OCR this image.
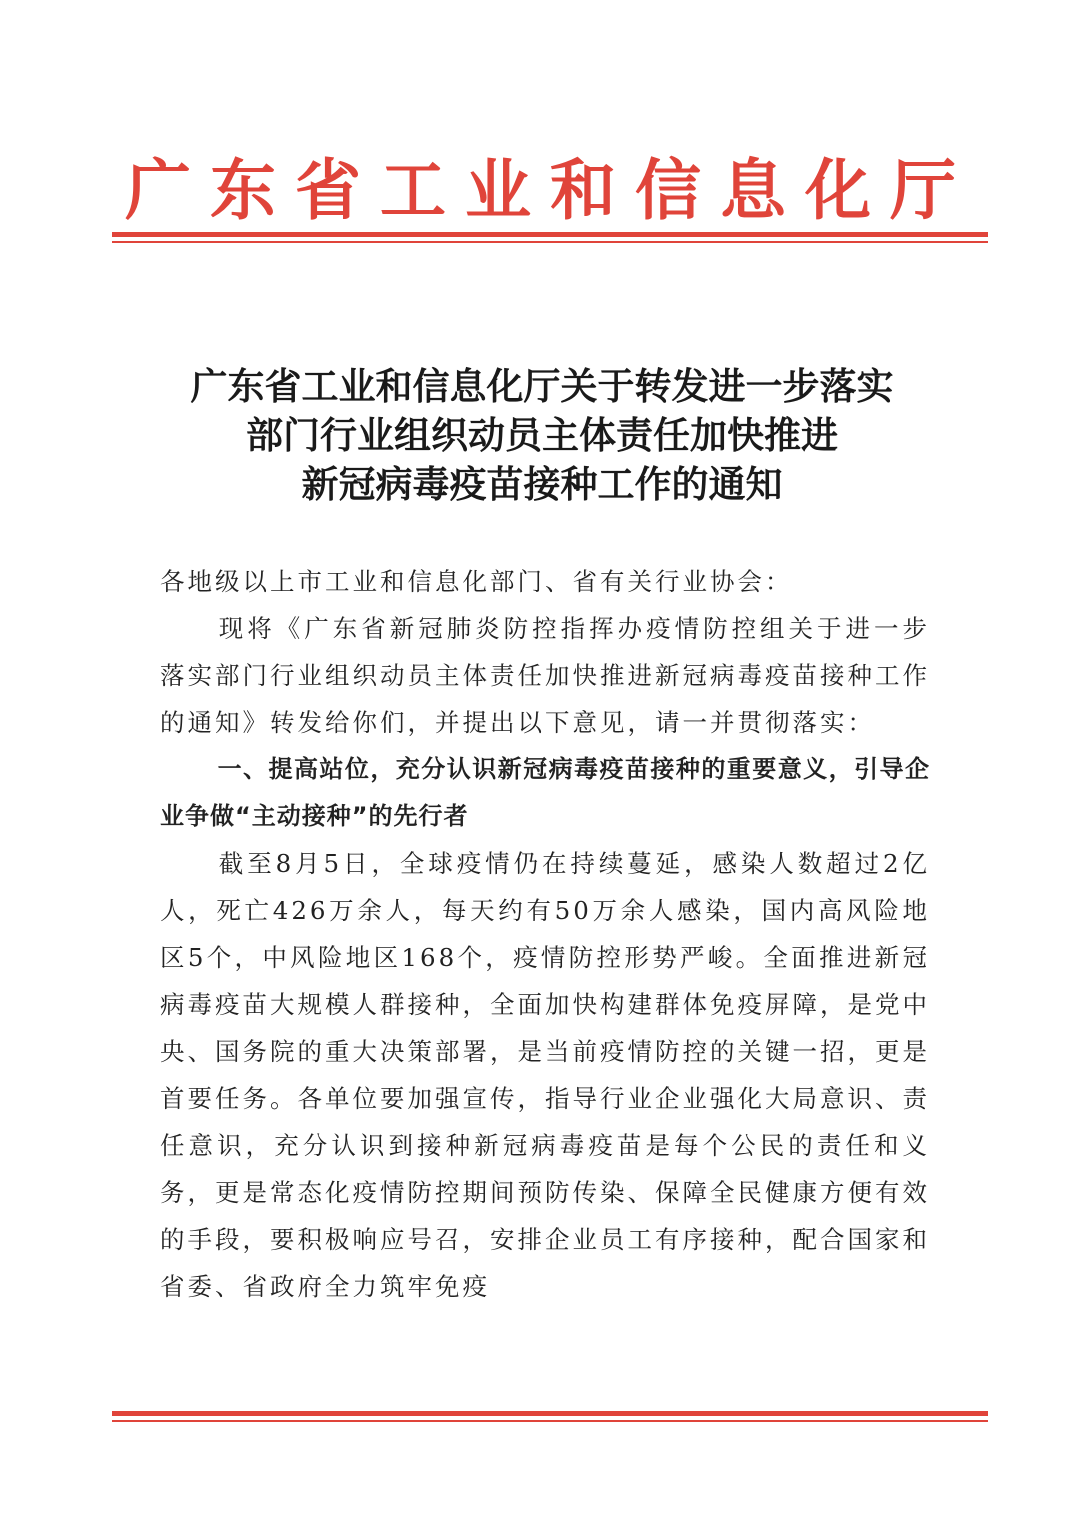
广东省工业和信息化厅
广东省工业和信息化厅关于转发进一步落实
部门行业组织动员主体责任加快推进
新冠病毒疫苗接种工作的通知

各地级以上市工业和信息化部门、省有关行业协会：

现将《广东省新冠肺炎防控指挥办疫情防控组关于进一步落实部门行业组织动员主体责任加快推进新冠病毒疫苗接种工作的通知》转发给你们，并提出以下意见，请一并贯彻落实：

一、提高站位，充分认识新冠病毒疫苗接种的重要意义，引导企业争做“主动接种”的先行者

截至8月5日，全球疫情仍在持续蔓延，感染人数超过2亿人，死亡426万余人，每天约有50万余人感染，国内高风险地区5个，中风险地区168个，疫情防控形势严峻。全面推进新冠病毒疫苗大规模人群接种，全面加快构建群体免疫屏障，是党中央、国务院的重大决策部署，是当前疫情防控的关键一招，更是首要任务。各单位要加强宣传，指导行业企业强化大局意识、责任意识，充分认识到接种新冠病毒疫苗是每个公民的责任和义务，更是常态化疫情防控期间预防传染、保障全民健康方便有效的手段，要积极响应号召，安排企业员工有序接种，配合国家和省委、省政府全力筑牢免疫
